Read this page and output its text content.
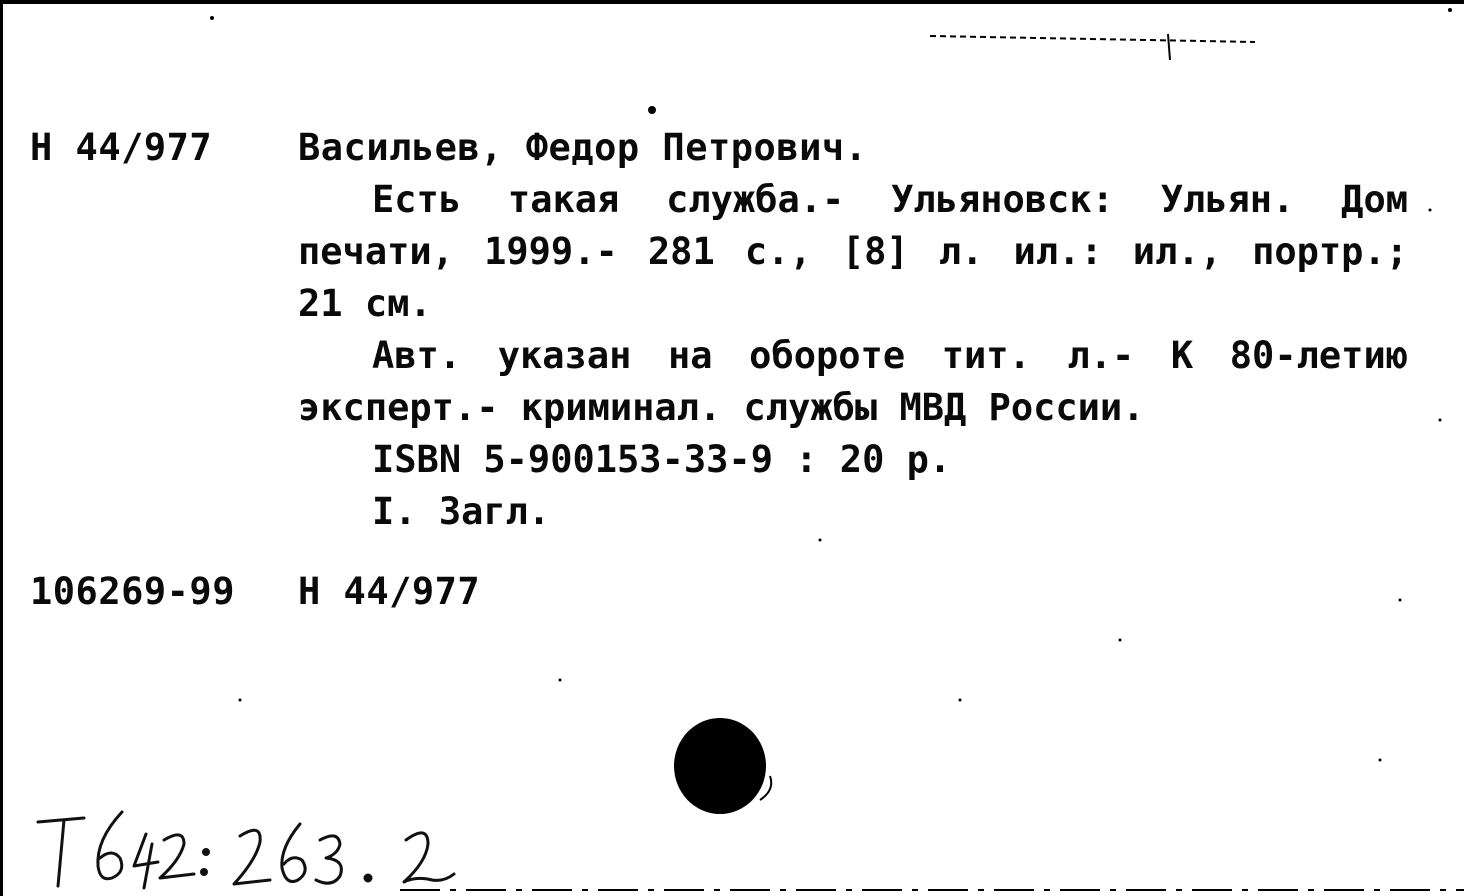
Н 44/977 Васильев, Федор Петрович.

Есть такая служба.- Ульяновск: Ульян. Дом печати, 1999.- 281 с., [8] л. ил.: ил., портр.; 21 см.

Авт. указан на обороте тит. л.- К 80-летию эксперт.- криминал. службы МВД России.

ISBN 5-900153-33-9 : 20 р.

I. Загл.

106269-99 Н 44/977
